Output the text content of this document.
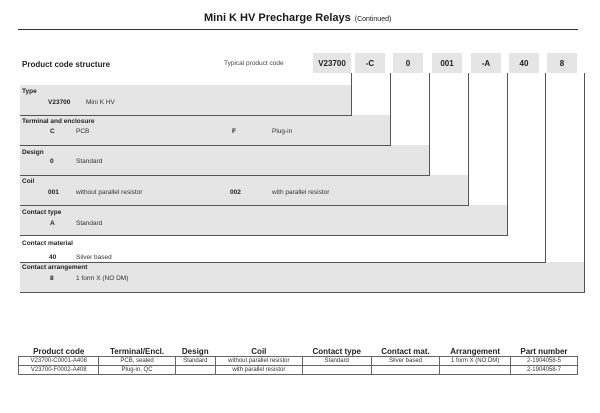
Mini K HV Precharge Relays (Continued)
Product code structure	Typical product code	V23700	-C	0	001	-A	40	8
Type
V23700 Mini K HV
Terminal and enclosure
C	PCB	F	Plug-in
Design
0	Standard
Coil
001	without parallel resistor	002	with parallel resistor
Contact type
A	Standard
Contact material
40	Silver based
Contact arrangement
8	1 form X (NO DM)
Product code	Terminal/Encl.	Design	Coil	Contact type	Contact mat.	Arrangement	Part number
V23700-C0001-A408	PCB, sealed	Standard	without parallel resistor	Standard	Silver based	1 form X (NO DM)	2-1904058-5
V23700-F0002-A408	Plug-in, QC		with parallel resistor				2-1904058-7
